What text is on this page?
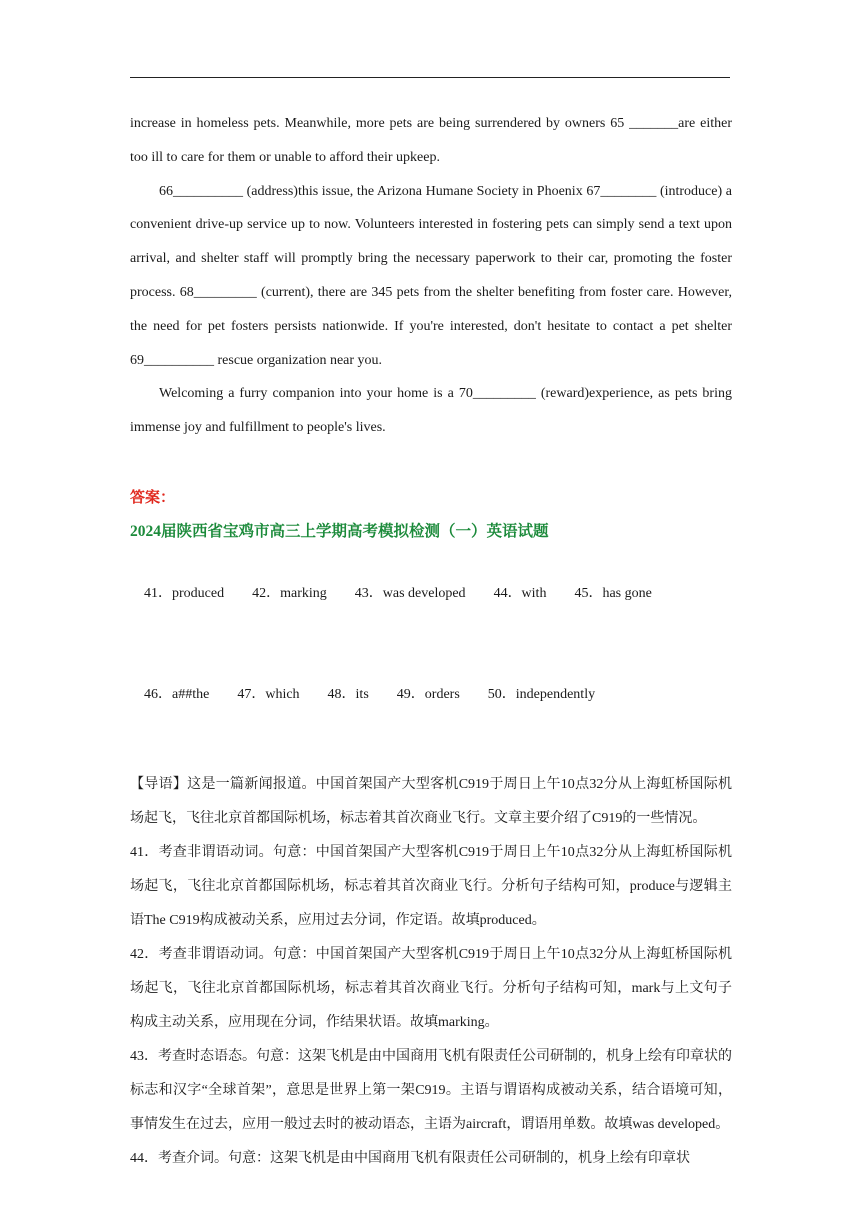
increase in homeless pets. Meanwhile, more pets are being surrendered by owners 65 _______are either too ill to care for them or unable to afford their upkeep.

66__________ (address)this issue, the Arizona Humane Society in Phoenix 67________ (introduce) a convenient drive-up service up to now. Volunteers interested in fostering pets can simply send a text upon arrival, and shelter staff will promptly bring the necessary paperwork to their car, promoting the foster process. 68_________ (current), there are 345 pets from the shelter benefiting from foster care. However, the need for pet fosters persists nationwide. If you're interested, don't hesitate to contact a pet shelter 69__________ rescue organization near you.

Welcoming a furry companion into your home is a 70_________ (reward)experience, as pets bring immense joy and fulfillment to people's lives.

答案：
2024届陕西省宝鸡市高三上学期高考模拟检测（一）英语试题

41．produced 42．marking 43．was developed 44．with 45．has gone

46．a##the 47．which 48．its 49．orders 50．independently

【导语】这是一篇新闻报道。中国首架国产大型客机C919于周日上午10点32分从上海虹桥国际机场起飞，飞往北京首都国际机场，标志着其首次商业飞行。文章主要介绍了C919的一些情况。

41．考查非谓语动词。句意：中国首架国产大型客机C919于周日上午10点32分从上海虹桥国际机场起飞，飞往北京首都国际机场，标志着其首次商业飞行。分析句子结构可知，produce与逻辑主语The C919构成被动关系，应用过去分词，作定语。故填produced。

42．考查非谓语动词。句意：中国首架国产大型客机C919于周日上午10点32分从上海虹桥国际机场起飞，飞往北京首都国际机场，标志着其首次商业飞行。分析句子结构可知，mark与上文句子构成主动关系，应用现在分词，作结果状语。故填marking。

43．考查时态语态。句意：这架飞机是由中国商用飞机有限责任公司研制的，机身上绘有印章状的标志和汉字“全球首架”，意思是世界上第一架C919。主语与谓语构成被动关系，结合语境可知，事情发生在过去，应用一般过去时的被动语态，主语为aircraft，谓语用单数。故填was developed。

44．考查介词。句意：这架飞机是由中国商用飞机有限责任公司研制的，机身上绘有印章状
